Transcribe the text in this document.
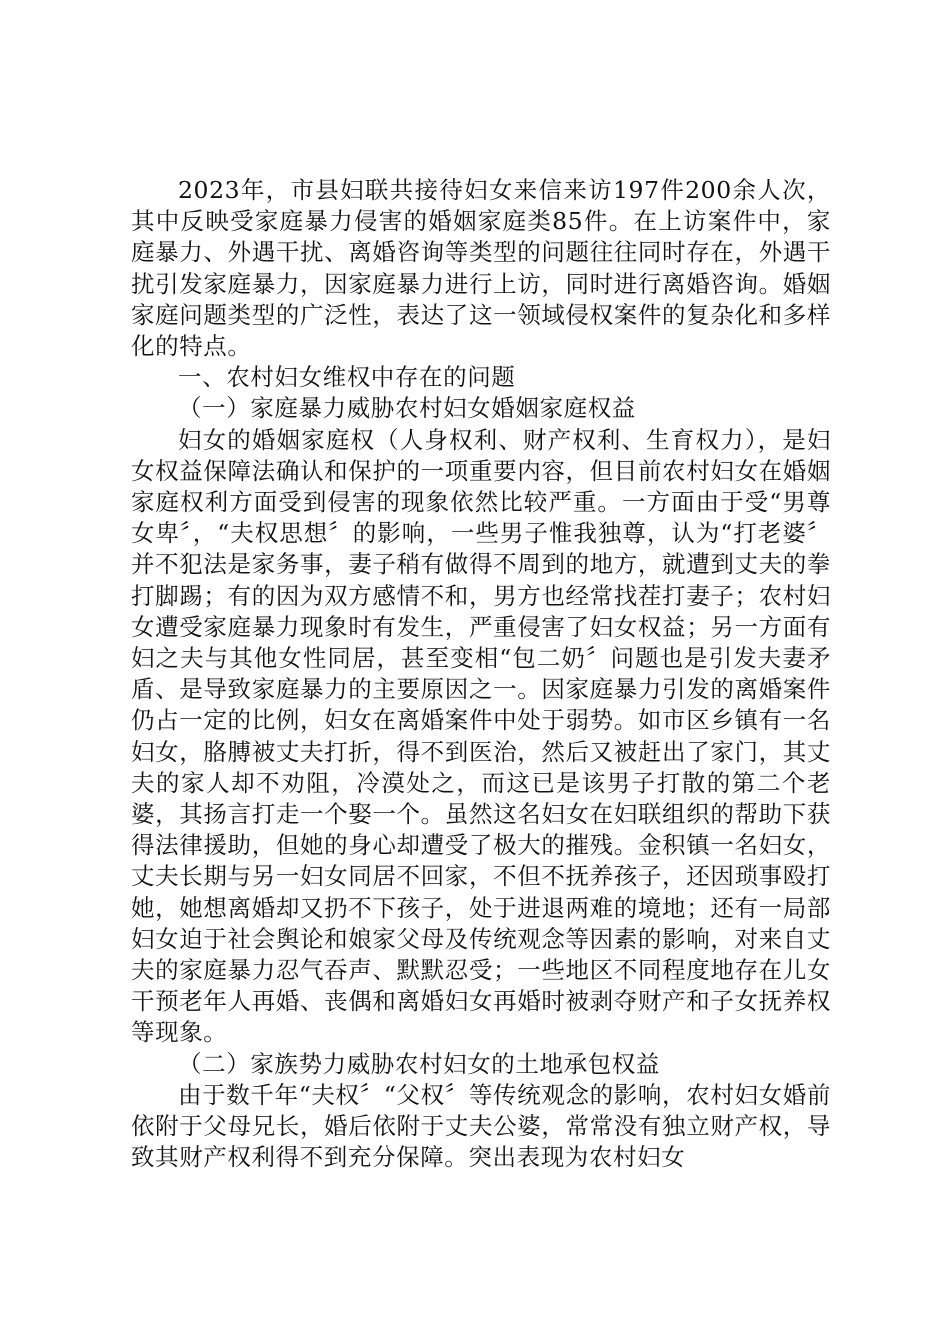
2023年，市县妇联共接待妇女来信来访197件200余人次，其中反映受家庭暴力侵害的婚姻家庭类85件。在上访案件中，家庭暴力、外遇干扰、离婚咨询等类型的问题往往同时存在，外遇干扰引发家庭暴力，因家庭暴力进行上访，同时进行离婚咨询。婚姻家庭问题类型的广泛性，表达了这一领域侵权案件的复杂化和多样化的特点。

一、农村妇女维权中存在的问题

（一）家庭暴力威胁农村妇女婚姻家庭权益

妇女的婚姻家庭权（人身权利、财产权利、生育权力），是妇女权益保障法确认和保护的一项重要内容，但目前农村妇女在婚姻家庭权利方面受到侵害的现象依然比较严重。一方面由于受“男尊女卑〞，“夫权思想〞的影响，一些男子惟我独尊，认为“打老婆〞并不犯法是家务事，妻子稍有做得不周到的地方，就遭到丈夫的拳打脚踢；有的因为双方感情不和，男方也经常找茬打妻子；农村妇女遭受家庭暴力现象时有发生，严重侵害了妇女权益；另一方面有妇之夫与其他女性同居，甚至变相“包二奶〞问题也是引发夫妻矛盾、是导致家庭暴力的主要原因之一。因家庭暴力引发的离婚案件仍占一定的比例，妇女在离婚案件中处于弱势。如市区乡镇有一名妇女，胳膊被丈夫打折，得不到医治，然后又被赶出了家门，其丈夫的家人却不劝阻，冷漠处之，而这已是该男子打散的第二个老婆，其扬言打走一个娶一个。虽然这名妇女在妇联组织的帮助下获得法律援助，但她的身心却遭受了极大的摧残。金积镇一名妇女，丈夫长期与另一妇女同居不回家，不但不抚养孩子，还因琐事殴打她，她想离婚却又扔不下孩子，处于进退两难的境地；还有一局部妇女迫于社会舆论和娘家父母及传统观念等因素的影响，对来自丈夫的家庭暴力忍气吞声、默默忍受；一些地区不同程度地存在儿女干预老年人再婚、丧偶和离婚妇女再婚时被剥夺财产和子女抚养权等现象。

（二）家族势力威胁农村妇女的土地承包权益

由于数千年“夫权〞“父权〞等传统观念的影响，农村妇女婚前依附于父母兄长，婚后依附于丈夫公婆，常常没有独立财产权，导致其财产权利得不到充分保障。突出表现为农村妇女
